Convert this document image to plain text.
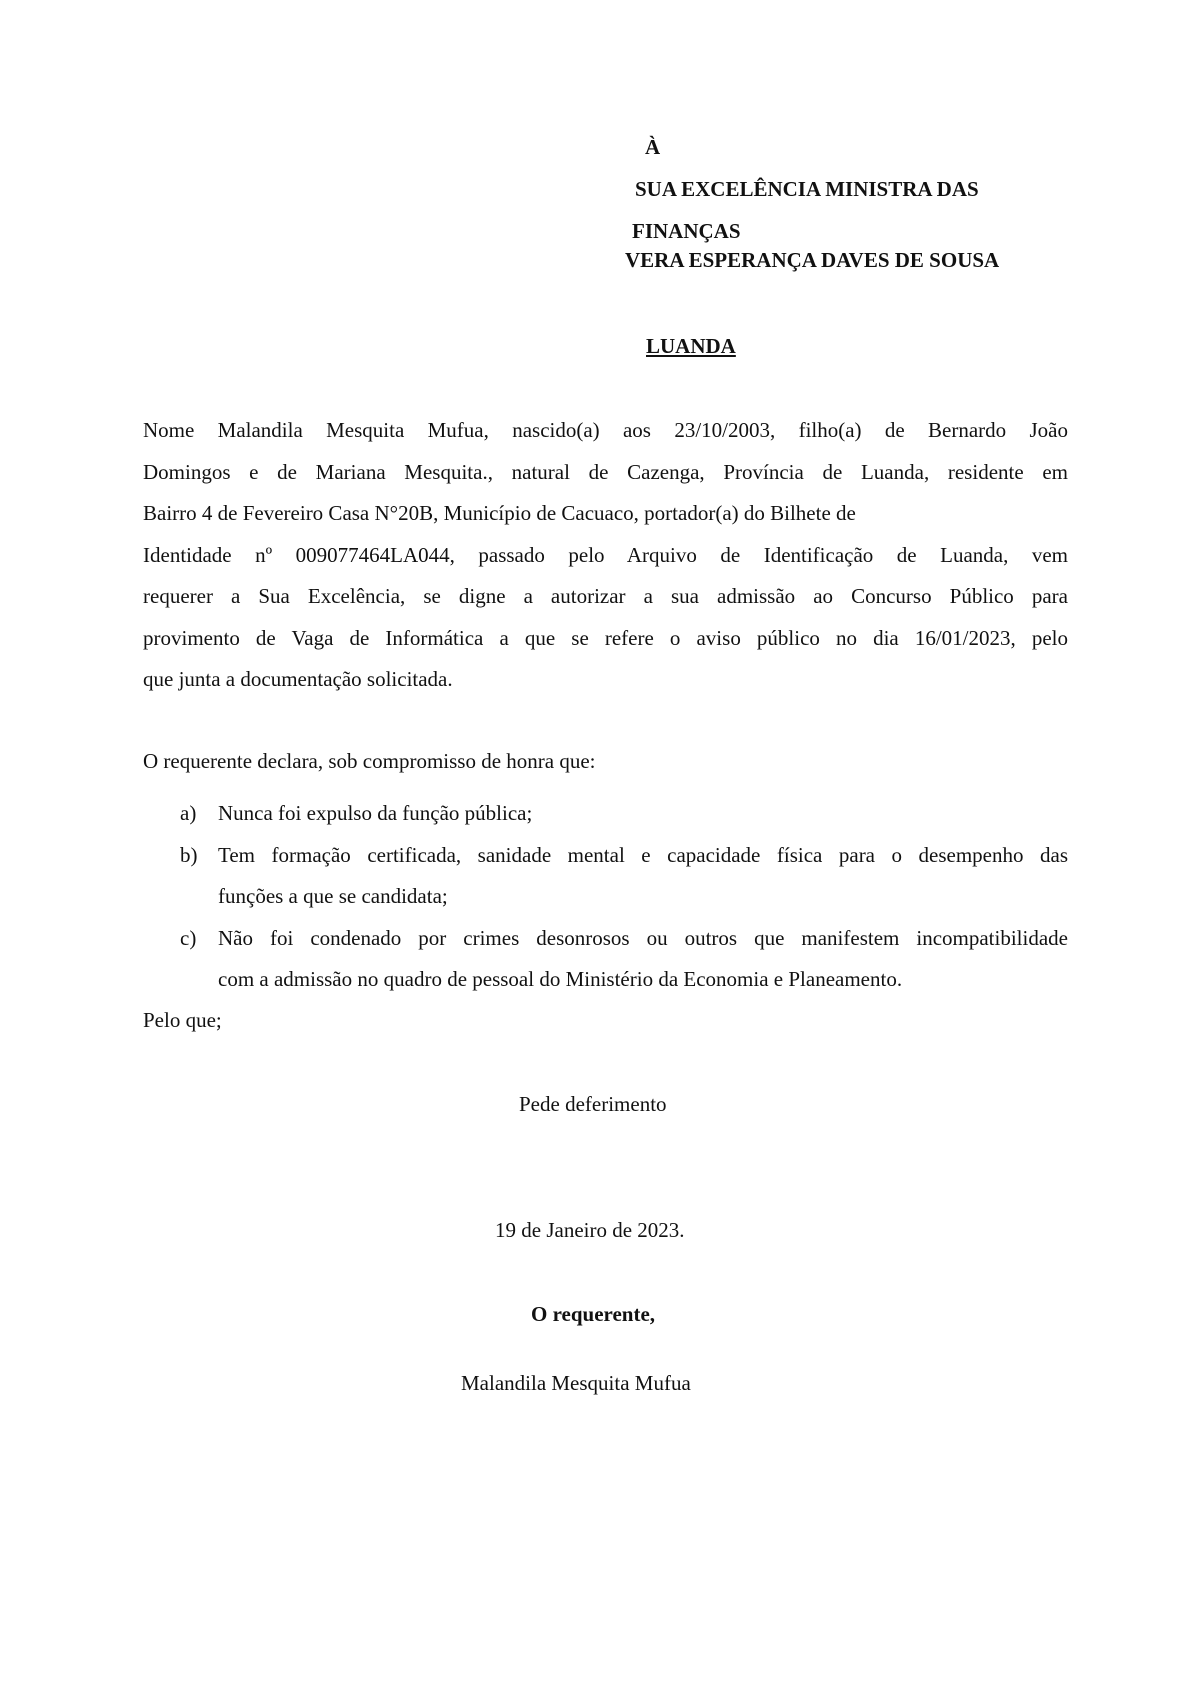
À
SUA EXCELÊNCIA MINISTRA DAS
FINANÇAS
VERA ESPERANÇA DAVES DE SOUSA
LUANDA
Nome Malandila Mesquita Mufua, nascido(a) aos 23/10/2003, filho(a) de Bernardo João
Domingos e de Mariana Mesquita., natural de Cazenga, Província de Luanda, residente em
Bairro 4 de Fevereiro Casa N°20B, Município de Cacuaco, portador(a) do Bilhete de
Identidade nº 009077464LA044, passado pelo Arquivo de Identificação de Luanda, vem
requerer a Sua Excelência, se digne a autorizar a sua admissão ao Concurso Público para
provimento de Vaga de Informática a que se refere o aviso público no dia 16/01/2023, pelo
que junta a documentação solicitada.
O requerente declara, sob compromisso de honra que:
a) Nunca foi expulso da função pública;
b) Tem formação certificada, sanidade mental e capacidade física para o desempenho das
funções a que se candidata;
c) Não foi condenado por crimes desonrosos ou outros que manifestem incompatibilidade
com a admissão no quadro de pessoal do Ministério da Economia e Planeamento.
Pelo que;
Pede deferimento
19 de Janeiro de 2023.
O requerente,
Malandila Mesquita Mufua
